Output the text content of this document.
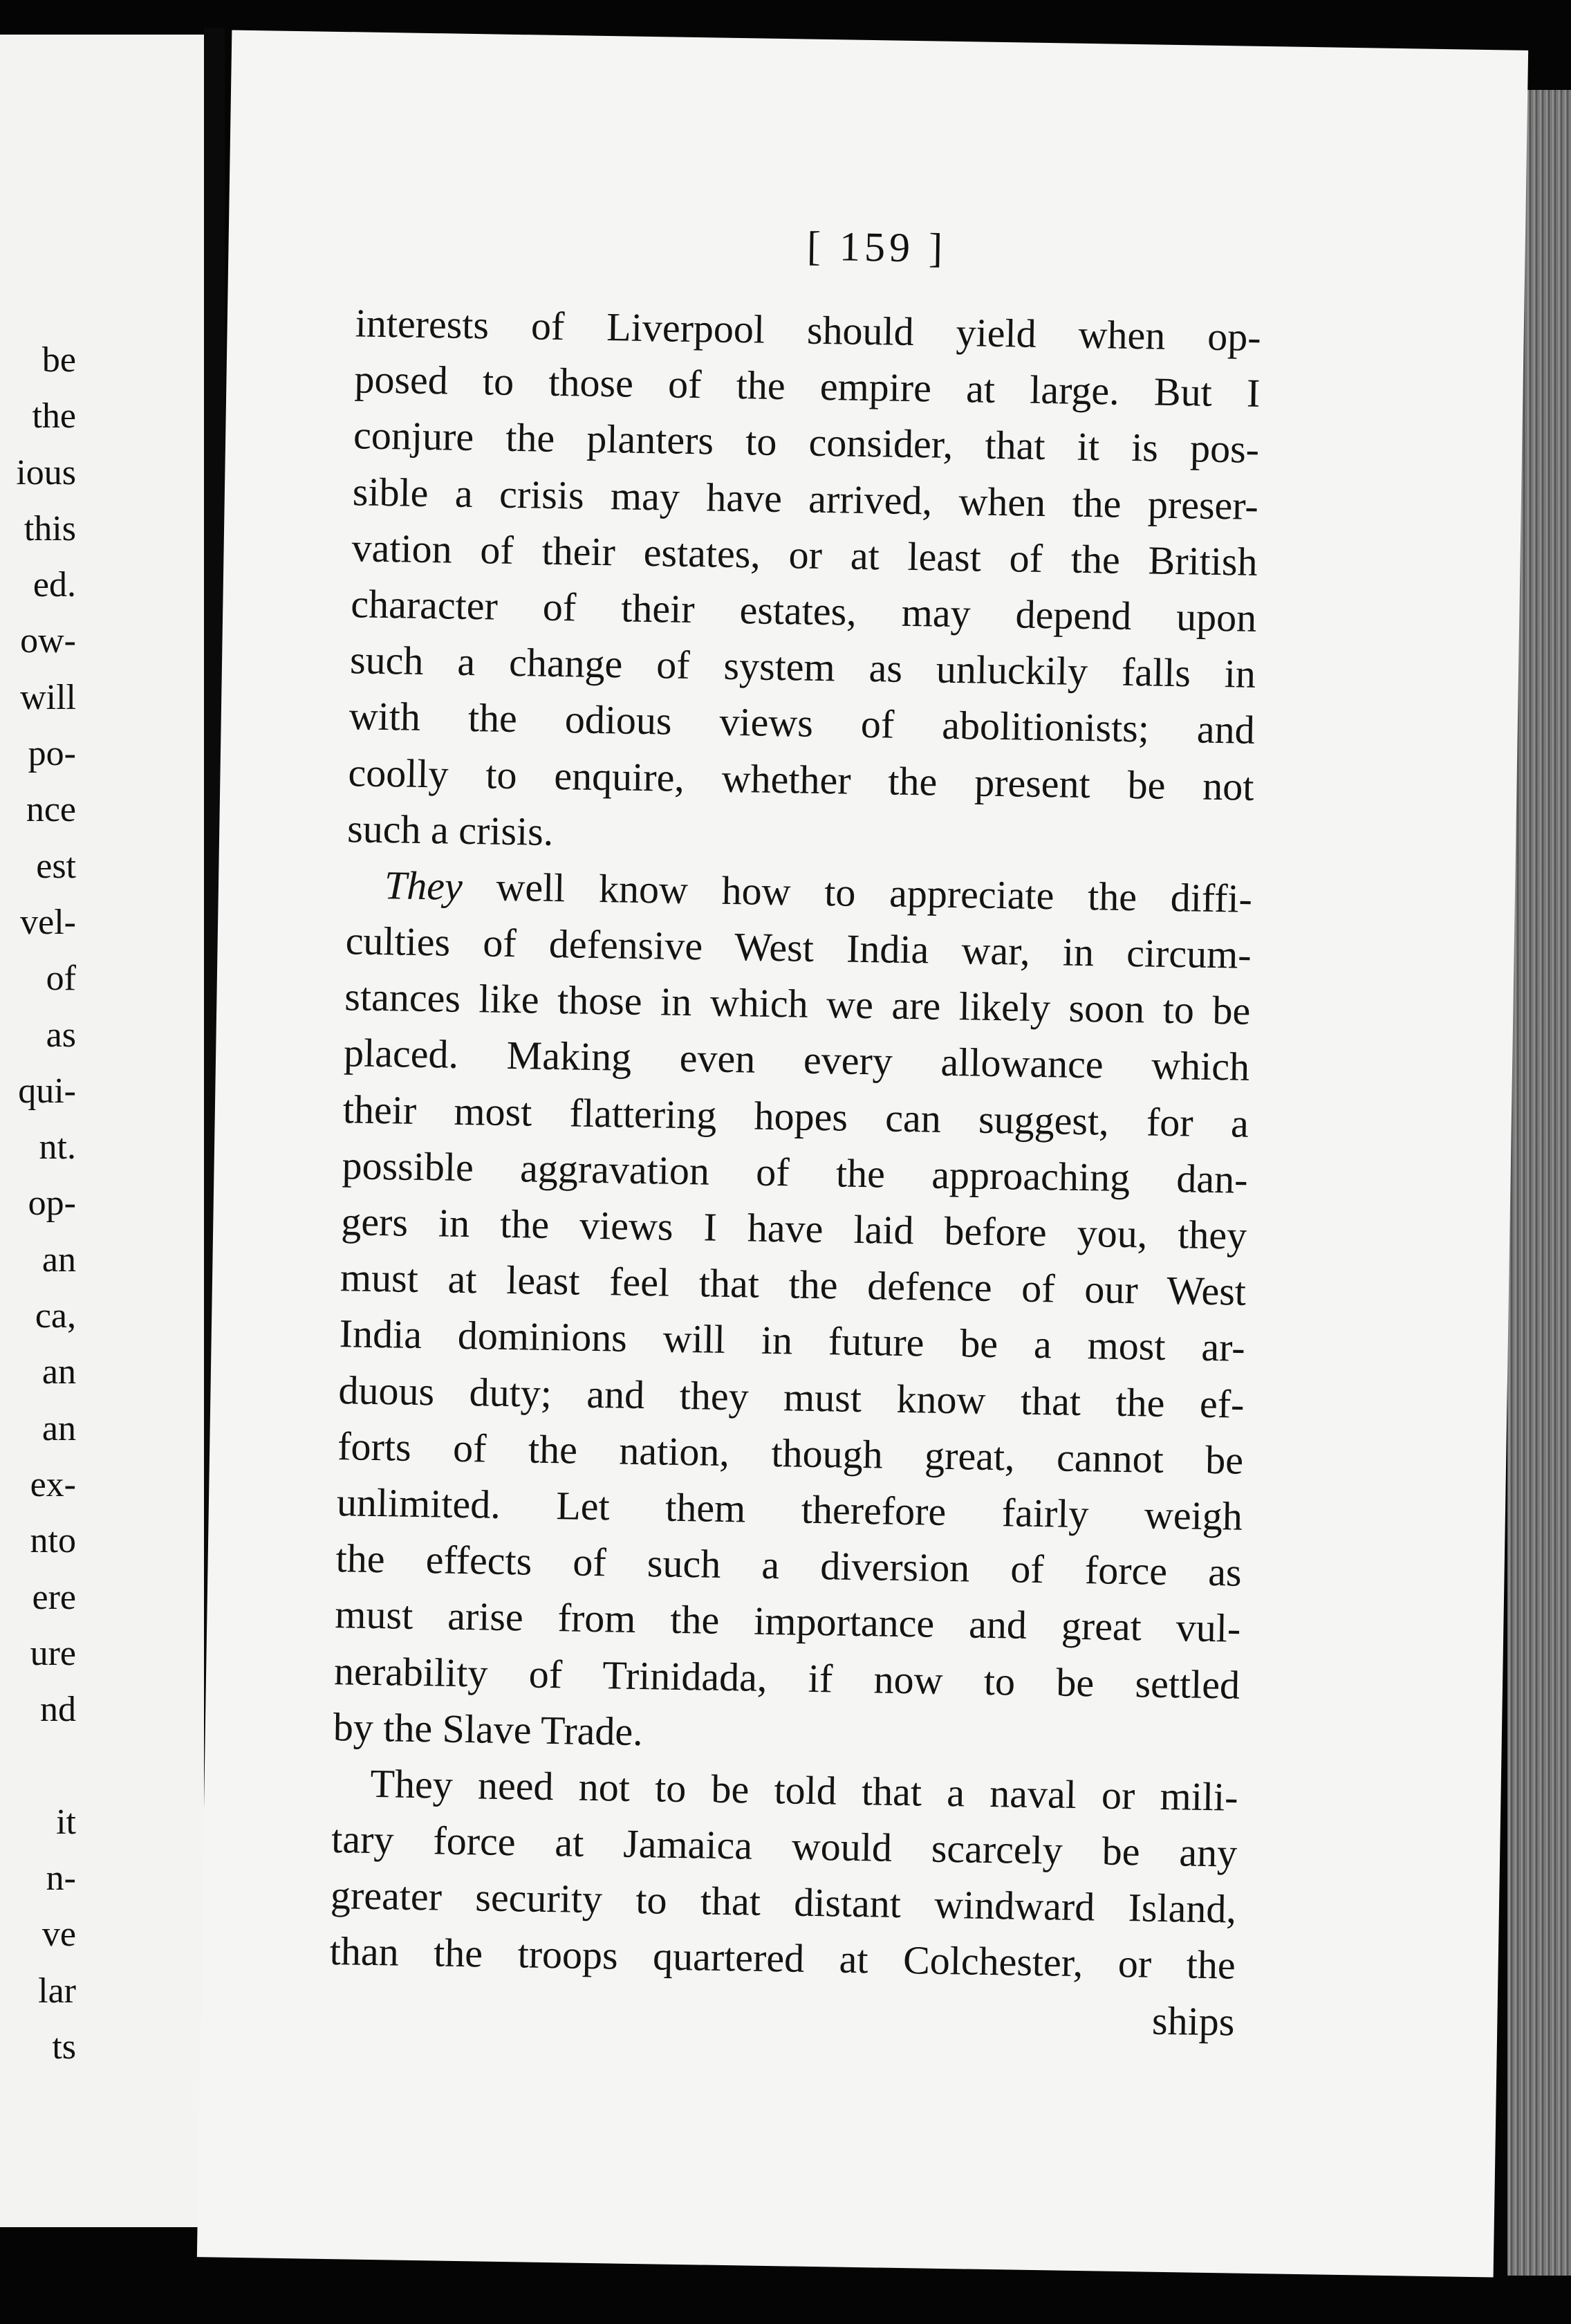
be
the
ious
this
ed.
ow-
will
po-
nce
est
vel-
of
as
qui-
nt.
op-
an
ca,
an
an
ex-
nto
ere
ure
nd
it
n-
ve
lar
ts
[ 159 ]
interests of Liverpool should yield when op-
posed to those of the empire at large. But I
conjure the planters to consider, that it is pos-
sible a crisis may have arrived, when the preser-
vation of their estates, or at least of the British
character of their estates, may depend upon
such a change of system as unluckily falls in
with the odious views of abolitionists; and
coolly to enquire, whether the present be not
such a crisis.
They well know how to appreciate the diffi-
culties of defensive West India war, in circum-
stances like those in which we are likely soon to be
placed. Making even every allowance which
their most flattering hopes can suggest, for a
possible aggravation of the approaching dan-
gers in the views I have laid before you, they
must at least feel that the defence of our West
India dominions will in future be a most ar-
duous duty; and they must know that the ef-
forts of the nation, though great, cannot be
unlimited. Let them therefore fairly weigh
the effects of such a diversion of force as
must arise from the importance and great vul-
nerability of Trinidada, if now to be settled
by the Slave Trade.
They need not to be told that a naval or mili-
tary force at Jamaica would scarcely be any
greater security to that distant windward Island,
than the troops quartered at Colchester, or the
ships
